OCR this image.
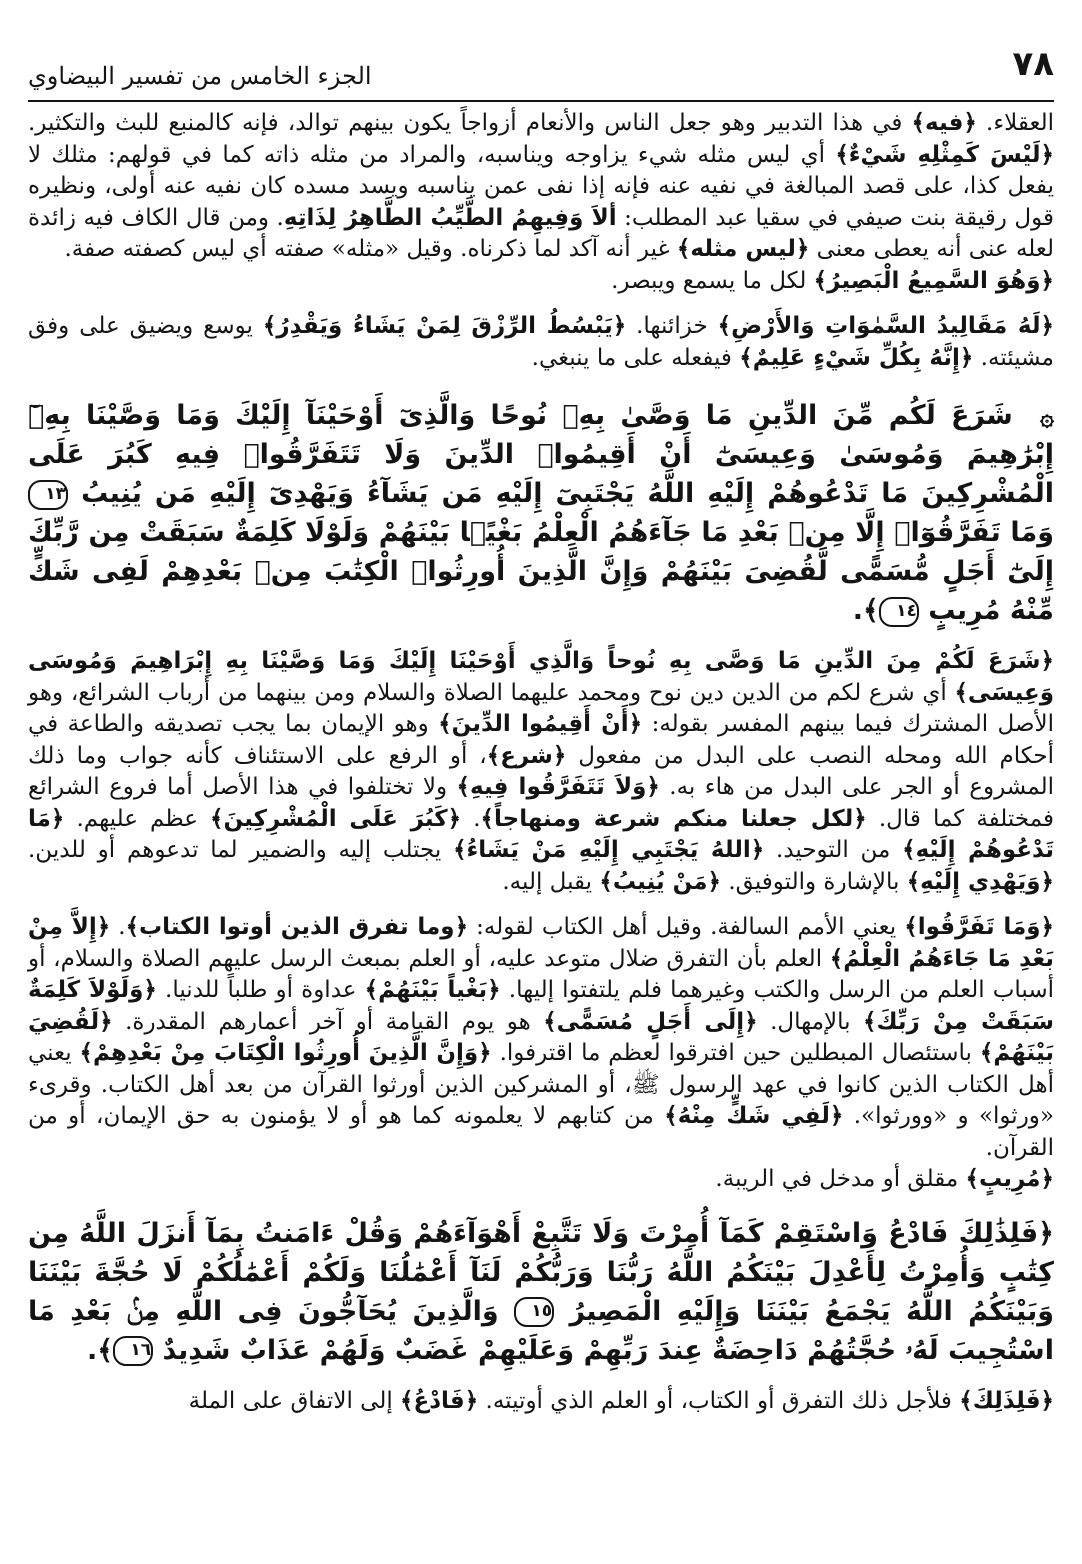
٧٨
الجزء الخامس من تفسير البيضاوي

العقلاء. ﴿فيه﴾ في هذا التدبير وهو جعل الناس والأنعام أزواجاً يكون بينهم توالد، فإنه كالمنبع للبث والتكثير. ﴿لَيْسَ كَمِثْلِهِ شَيْءٌ﴾ أي ليس مثله شيء يزاوجه ويناسبه، والمراد من مثله ذاته كما في قولهم: مثلك لا يفعل كذا، على قصد المبالغة في نفيه عنه فإنه إذا نفى عمن يناسبه ويسد مسده كان نفيه عنه أولى، ونظيره قول رقيقة بنت صيفي في سقيا عبد المطلب: ألاَ وَفِيهِمُ الطَّيِّبُ الطَّاهِرُ لِذَاتِهِ. ومن قال الكاف فيه زائدة لعله عنى أنه يعطى معنى ﴿ليس مثله﴾ غير أنه آكد لما ذكرناه. وقيل «مثله» صفته أي ليس كصفته صفة.
﴿وَهُوَ السَّمِيعُ الْبَصِيرُ﴾ لكل ما يسمع ويبصر.

﴿لَهُ مَقَالِيدُ السَّمٰوَاتِ وَالأَرْضِ﴾ خزائنها. ﴿يَبْسُطُ الرِّزْقَ لِمَنْ يَشَاءُ وَيَقْدِرُ﴾ يوسع ويضيق على وفق مشيئته. ﴿إِنَّهُ بِكُلِّ شَيْءٍ عَلِيمٌ﴾ فيفعله على ما ينبغي.

۞ شَرَعَ لَكُم مِّنَ الدِّينِ مَا وَصَّىٰ بِهِۦ نُوحًا وَالَّذِىٓ أَوْحَيْنَآ إِلَيْكَ وَمَا وَصَّيْنَا بِهِۦٓ إِبْرَٰهِيمَ وَمُوسَىٰ وَعِيسَىٰٓ أَنْ أَقِيمُوا۟ الدِّينَ وَلَا تَتَفَرَّقُوا۟ فِيهِ كَبُرَ عَلَى الْمُشْرِكِينَ مَا تَدْعُوهُمْ إِلَيْهِ اللَّهُ يَجْتَبِىٓ إِلَيْهِ مَن يَشَآءُ وَيَهْدِىٓ إِلَيْهِ مَن يُنِيبُ ١٣ وَمَا تَفَرَّقُوٓا۟ إِلَّا مِنۢ بَعْدِ مَا جَآءَهُمُ الْعِلْمُ بَغْيًۢا بَيْنَهُمْ وَلَوْلَا كَلِمَةٌ سَبَقَتْ مِن رَّبِّكَ إِلَىٰٓ أَجَلٍ مُّسَمًّى لَّقُضِىَ بَيْنَهُمْ وَإِنَّ الَّذِينَ أُورِثُوا۟ الْكِتَٰبَ مِنۢ بَعْدِهِمْ لَفِى شَكٍّ مِّنْهُ مُرِيبٍ ١٤﴾.

﴿شَرَعَ لَكُمْ مِنَ الدِّينِ مَا وَصَّى بِهِ نُوحاً وَالَّذِي أَوْحَيْنَا إِلَيْكَ وَمَا وَصَّيْنَا بِهِ إِبْرَاهِيمَ وَمُوسَى وَعِيسَى﴾ أي شرع لكم من الدين دين نوح ومحمد عليهما الصلاة والسلام ومن بينهما من أرباب الشرائع، وهو الأصل المشترك فيما بينهم المفسر بقوله: ﴿أَنْ أَقِيمُوا الدِّينَ﴾ وهو الإيمان بما يجب تصديقه والطاعة في أحكام الله ومحله النصب على البدل من مفعول ﴿شرع﴾، أو الرفع على الاستئناف كأنه جواب وما ذلك المشروع أو الجر على البدل من هاء به. ﴿وَلاَ تَتَفَرَّقُوا فِيهِ﴾ ولا تختلفوا في هذا الأصل أما فروع الشرائع فمختلفة كما قال. ﴿لكل جعلنا منكم شرعة ومنهاجاً﴾. ﴿كَبُرَ عَلَى الْمُشْرِكِينَ﴾ عظم عليهم. ﴿مَا تَدْعُوهُمْ إِلَيْهِ﴾ من التوحيد. ﴿اللهُ يَجْتَبِي إِلَيْهِ مَنْ يَشَاءُ﴾ يجتلب إليه والضمير لما تدعوهم أو للدين. ﴿وَيَهْدِي إِلَيْهِ﴾ بالإشارة والتوفيق. ﴿مَنْ يُنِيبُ﴾ يقبل إليه.

﴿وَمَا تَفَرَّقُوا﴾ يعني الأمم السالفة. وقيل أهل الكتاب لقوله: ﴿وما تفرق الذين أوتوا الكتاب﴾. ﴿إِلاَّ مِنْ بَعْدِ مَا جَاءَهُمُ الْعِلْمُ﴾ العلم بأن التفرق ضلال متوعد عليه، أو العلم بمبعث الرسل عليهم الصلاة والسلام، أو أسباب العلم من الرسل والكتب وغيرهما فلم يلتفتوا إليها. ﴿بَغْياً بَيْنَهُمْ﴾ عداوة أو طلباً للدنيا. ﴿وَلَوْلاَ كَلِمَةٌ سَبَقَتْ مِنْ رَبِّكَ﴾ بالإمهال. ﴿إِلَى أَجَلٍ مُسَمًّى﴾ هو يوم القيامة أو آخر أعمارهم المقدرة. ﴿لَقُضِيَ بَيْنَهُمْ﴾ باستئصال المبطلين حين افترقوا لعظم ما اقترفوا. ﴿وَإِنَّ الَّذِينَ أُورِثُوا الْكِتَابَ مِنْ بَعْدِهِمْ﴾ يعني أهل الكتاب الذين كانوا في عهد الرسول ﷺ، أو المشركين الذين أورثوا القرآن من بعد أهل الكتاب. وقرىء «ورثوا» و «وورثوا». ﴿لَفِي شَكٍّ مِنْهُ﴾ من كتابهم لا يعلمونه كما هو أو لا يؤمنون به حق الإيمان، أو من القرآن.
﴿مُرِيبٍ﴾ مقلق أو مدخل في الريبة.

﴿فَلِذَٰلِكَ فَادْعُ وَاسْتَقِمْ كَمَآ أُمِرْتَ وَلَا تَتَّبِعْ أَهْوَآءَهُمْ وَقُلْ ءَامَنتُ بِمَآ أَنزَلَ اللَّهُ مِن كِتَٰبٍ وَأُمِرْتُ لِأَعْدِلَ بَيْنَكُمُ اللَّهُ رَبُّنَا وَرَبُّكُمْ لَنَآ أَعْمَٰلُنَا وَلَكُمْ أَعْمَٰلُكُمْ لَا حُجَّةَ بَيْنَنَا وَبَيْنَكُمُ اللَّهُ يَجْمَعُ بَيْنَنَا وَإِلَيْهِ الْمَصِيرُ ١٥ وَالَّذِينَ يُحَآجُّونَ فِى اللَّهِ مِنۢ بَعْدِ مَا اسْتُجِيبَ لَهُۥ حُجَّتُهُمْ دَاحِضَةٌ عِندَ رَبِّهِمْ وَعَلَيْهِمْ غَضَبٌ وَلَهُمْ عَذَابٌ شَدِيدٌ ١٦﴾.

﴿فَلِذَلِكَ﴾ فلأجل ذلك التفرق أو الكتاب، أو العلم الذي أوتيته. ﴿فَادْعُ﴾ إلى الاتفاق على الملة
